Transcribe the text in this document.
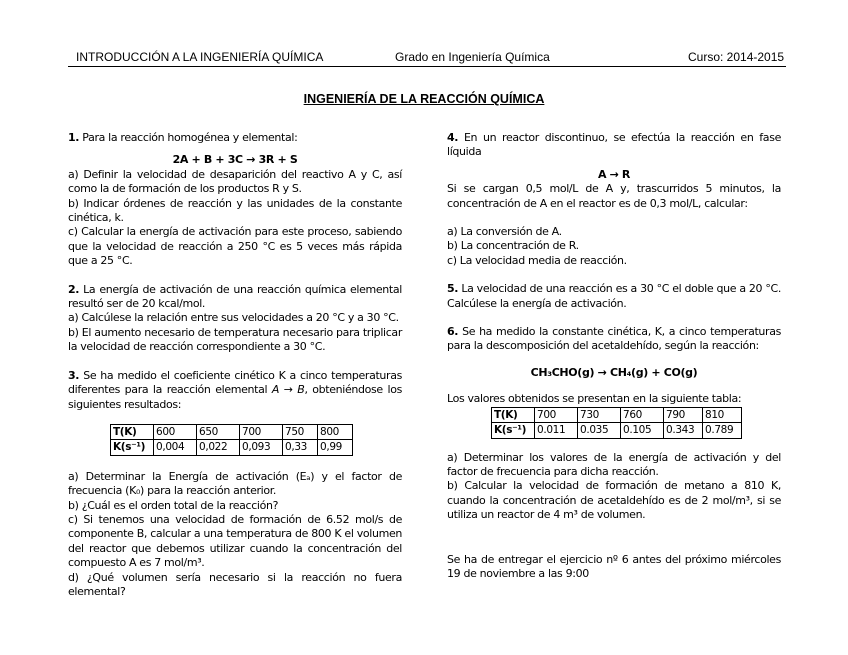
INTRODUCCIÓN A LA INGENIERÍA QUÍMICA	Grado en Ingeniería Química	Curso: 2014-2015
INGENIERÍA DE LA REACCIÓN QUÍMICA

1. Para la reacción homogénea y elemental:

2A + B + 3C → 3R + S

a) Definir la velocidad de desaparición del reactivo A y C, así como la de formación de los productos R y S.

b) Indicar órdenes de reacción y las unidades de la constante cinética, k.

c) Calcular la energía de activación para este proceso, sabiendo que la velocidad de reacción a 250 °C es 5 veces más rápida que a 25 °C.

2. La energía de activación de una reacción química elemental resultó ser de 20 kcal/mol.

a) Calcúlese la relación entre sus velocidades a 20 °C y a 30 °C.

b) El aumento necesario de temperatura necesario para triplicar la velocidad de reacción correspondiente a 30 °C.

3. Se ha medido el coeficiente cinético K a cinco temperaturas diferentes para la reacción elemental A → B, obteniéndose los siguientes resultados:

T(K)	600	650	700	750	800
K(s⁻¹)	0,004	0,022	0,093	0,33	0,99

a) Determinar la Energía de activación (Eₐ) y el factor de frecuencia (K₀) para la reacción anterior.

b) ¿Cuál es el orden total de la reacción?

c) Si tenemos una velocidad de formación de 6.52 mol/s de componente B, calcular a una temperatura de 800 K el volumen del reactor que debemos utilizar cuando la concentración del compuesto A es 7 mol/m³.

d) ¿Qué volumen sería necesario si la reacción no fuera elemental?

4. En un reactor discontinuo, se efectúa la reacción en fase líquida

A → R

Si se cargan 0,5 mol/L de A y, trascurridos 5 minutos, la concentración de A en el reactor es de 0,3 mol/L, calcular:

a) La conversión de A.

b) La concentración de R.

c) La velocidad media de reacción.

5. La velocidad de una reacción es a 30 °C el doble que a 20 °C. Calcúlese la energía de activación.

6. Se ha medido la constante cinética, K, a cinco temperaturas para la descomposición del acetaldehído, según la reacción:

CH₃CHO(g) → CH₄(g) + CO(g)

Los valores obtenidos se presentan en la siguiente tabla:

T(K)	700	730	760	790	810
K(s⁻¹)	0.011	0.035	0.105	0.343	0.789

a) Determinar los valores de la energía de activación y del factor de frecuencia para dicha reacción.

b) Calcular la velocidad de formación de metano a 810 K, cuando la concentración de acetaldehído es de 2 mol/m³, si se utiliza un reactor de 4 m³ de volumen.

Se ha de entregar el ejercicio nº 6 antes del próximo miércoles 19 de noviembre a las 9:00
